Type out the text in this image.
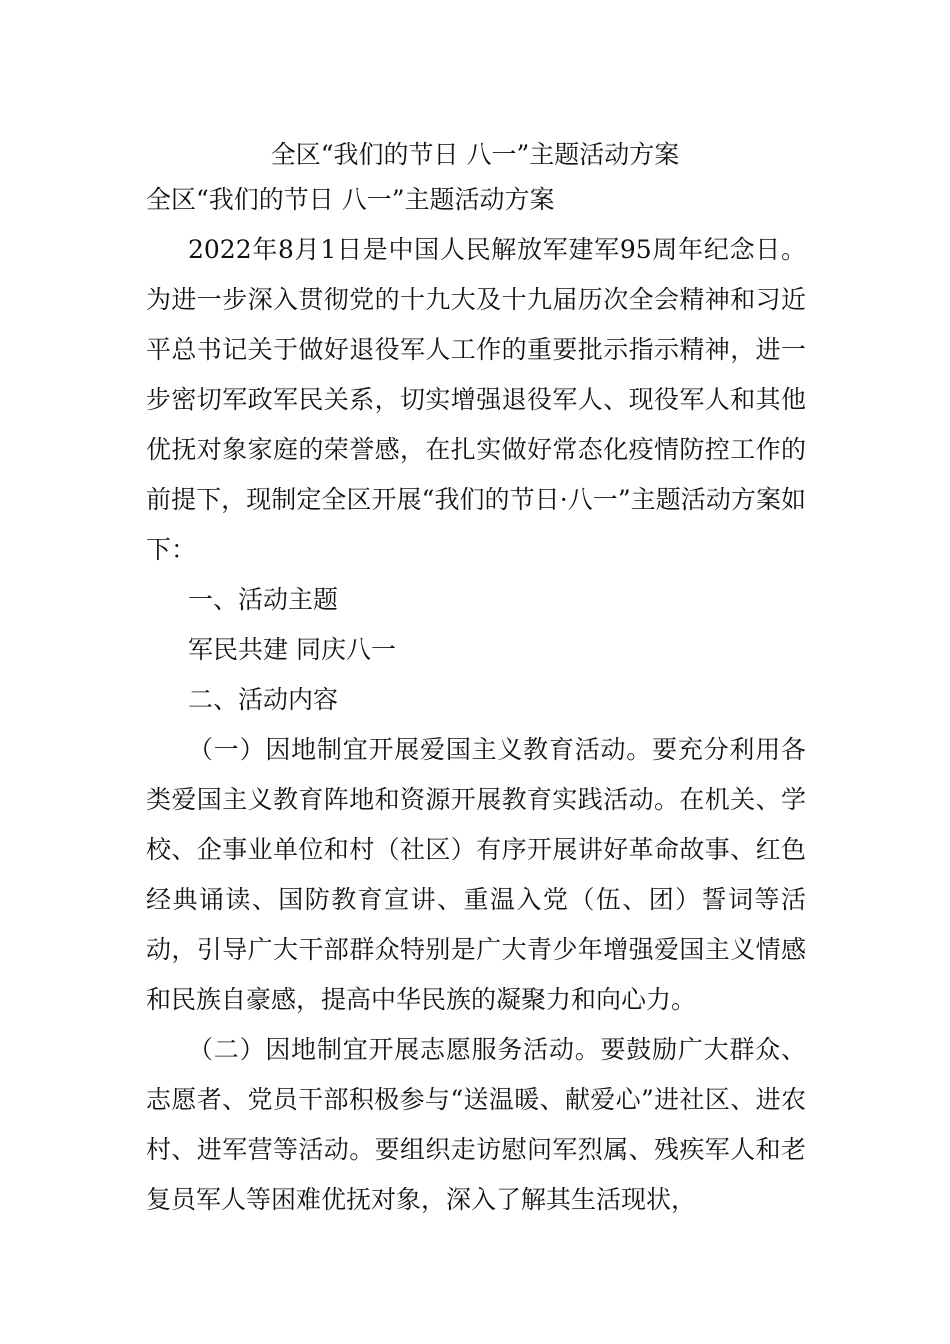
全区“我们的节日 八一”主题活动方案

全区“我们的节日 八一”主题活动方案

2022年8月1日是中国人民解放军建军95周年纪念日。为进一步深入贯彻党的十九大及十九届历次全会精神和习近平总书记关于做好退役军人工作的重要批示指示精神，进一步密切军政军民关系，切实增强退役军人、现役军人和其他优抚对象家庭的荣誉感，在扎实做好常态化疫情防控工作的前提下，现制定全区开展“我们的节日·八一”主题活动方案如下：

一、活动主题

军民共建 同庆八一

二、活动内容

（一）因地制宜开展爱国主义教育活动。要充分利用各类爱国主义教育阵地和资源开展教育实践活动。在机关、学校、企事业单位和村（社区）有序开展讲好革命故事、红色经典诵读、国防教育宣讲、重温入党（伍、团）誓词等活动，引导广大干部群众特别是广大青少年增强爱国主义情感和民族自豪感，提高中华民族的凝聚力和向心力。

（二）因地制宜开展志愿服务活动。要鼓励广大群众、志愿者、党员干部积极参与“送温暖、献爱心”进社区、进农村、进军营等活动。要组织走访慰问军烈属、残疾军人和老复员军人等困难优抚对象，深入了解其生活现状，
